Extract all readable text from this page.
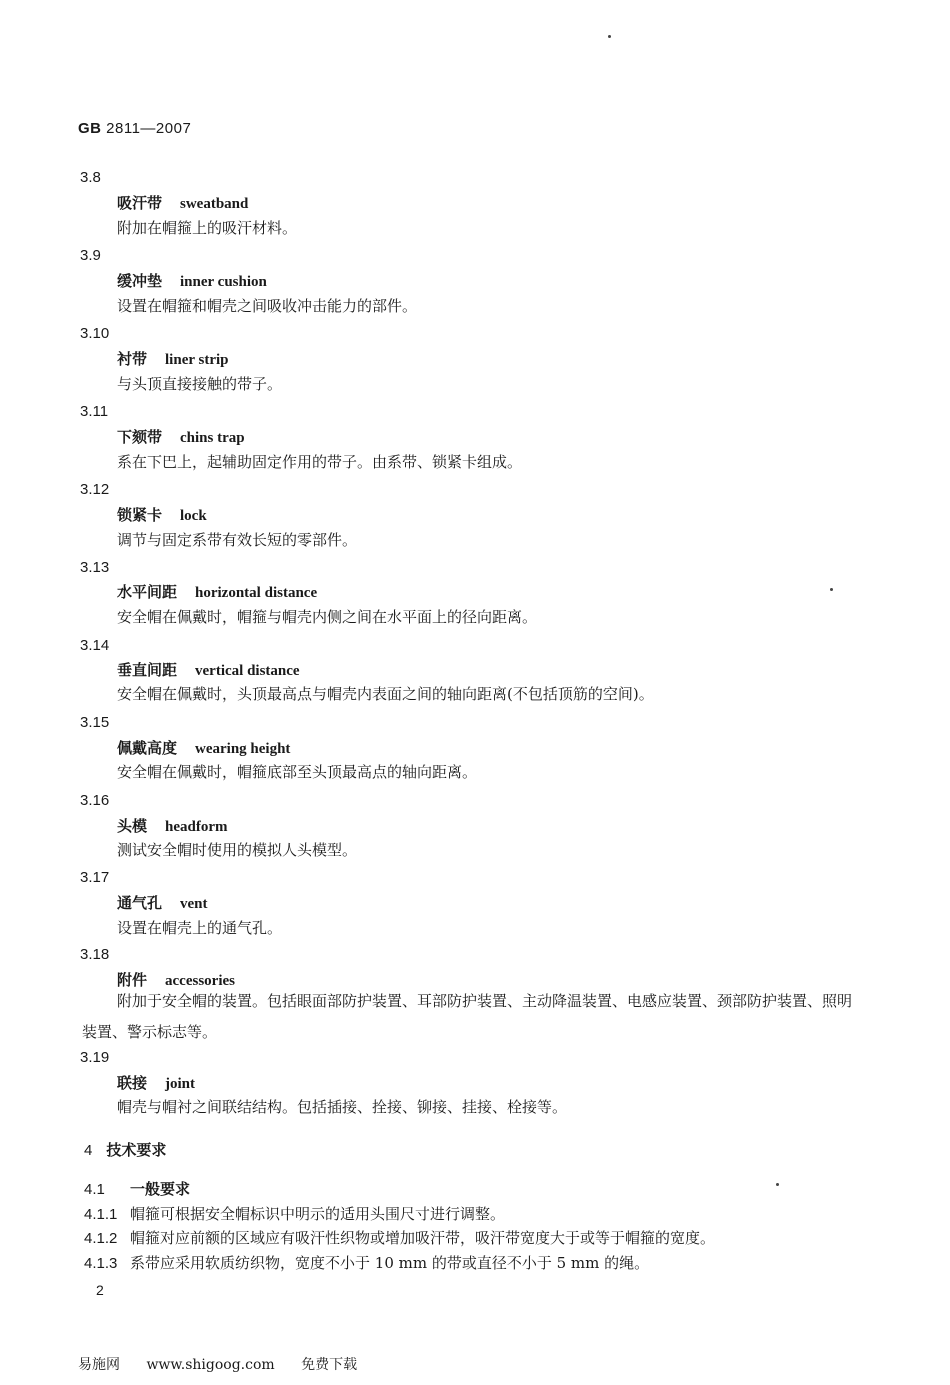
GB 2811—2007
3.8
吸汗带 sweatband
附加在帽箍上的吸汗材料。
3.9
缓冲垫 inner cushion
设置在帽箍和帽壳之间吸收冲击能力的部件。
3.10
衬带 liner strip
与头顶直接接触的带子。
3.11
下颏带 chins trap
系在下巴上，起辅助固定作用的带子。由系带、锁紧卡组成。
3.12
锁紧卡 lock
调节与固定系带有效长短的零部件。
3.13
水平间距 horizontal distance
安全帽在佩戴时，帽箍与帽壳内侧之间在水平面上的径向距离。
3.14
垂直间距 vertical distance
安全帽在佩戴时，头顶最高点与帽壳内表面之间的轴向距离(不包括顶筋的空间)。
3.15
佩戴高度 wearing height
安全帽在佩戴时，帽箍底部至头顶最高点的轴向距离。
3.16
头模 headform
测试安全帽时使用的模拟人头模型。
3.17
通气孔 vent
设置在帽壳上的通气孔。
3.18
附件 accessories
附加于安全帽的装置。包括眼面部防护装置、耳部防护装置、主动降温装置、电感应装置、颈部防护装置、照明装置、警示标志等。
3.19
联接 joint
帽壳与帽衬之间联结结构。包括插接、拴接、铆接、挂接、栓接等。
4 技术要求
4.1 一般要求
4.1.1 帽箍可根据安全帽标识中明示的适用头围尺寸进行调整。
4.1.2 帽箍对应前额的区域应有吸汗性织物或增加吸汗带，吸汗带宽度大于或等于帽箍的宽度。
4.1.3 系带应采用软质纺织物，宽度不小于 10 mm 的带或直径不小于 5 mm 的绳。
2
易施网 www.shigoog.com 免费下载
